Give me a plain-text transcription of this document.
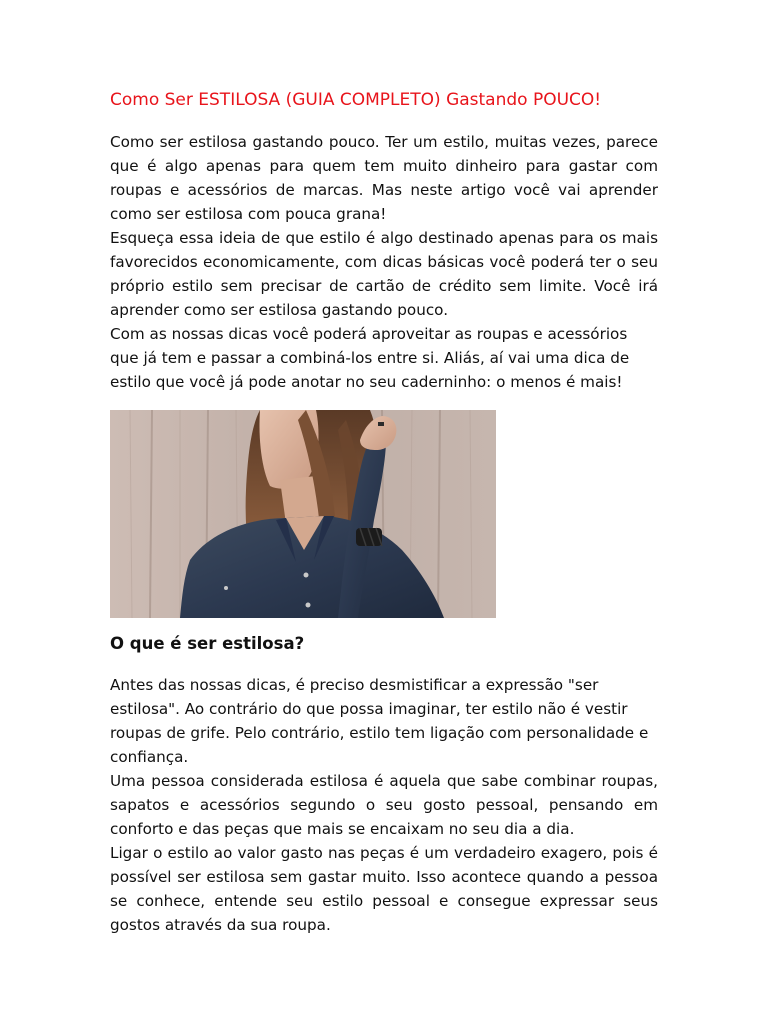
Como Ser ESTILOSA (GUIA COMPLETO) Gastando POUCO!

Como ser estilosa gastando pouco. Ter um estilo, muitas vezes, parece que é algo apenas para quem tem muito dinheiro para gastar com roupas e acessórios de marcas. Mas neste artigo você vai aprender como ser estilosa com pouca grana!

Esqueça essa ideia de que estilo é algo destinado apenas para os mais favorecidos economicamente, com dicas básicas você poderá ter o seu próprio estilo sem precisar de cartão de crédito sem limite. Você irá aprender como ser estilosa gastando pouco.

Com as nossas dicas você poderá aproveitar as roupas e acessórios que já tem e passar a combiná-los entre si. Aliás, aí vai uma dica de estilo que você já pode anotar no seu caderninho: o menos é mais!

O que é ser estilosa?

Antes das nossas dicas, é preciso desmistificar a expressão "ser estilosa". Ao contrário do que possa imaginar, ter estilo não é vestir roupas de grife. Pelo contrário, estilo tem ligação com personalidade e confiança.

Uma pessoa considerada estilosa é aquela que sabe combinar roupas, sapatos e acessórios segundo o seu gosto pessoal, pensando em conforto e das peças que mais se encaixam no seu dia a dia.

Ligar o estilo ao valor gasto nas peças é um verdadeiro exagero, pois é possível ser estilosa sem gastar muito. Isso acontece quando a pessoa se conhece, entende seu estilo pessoal e consegue expressar seus gostos através da sua roupa.
